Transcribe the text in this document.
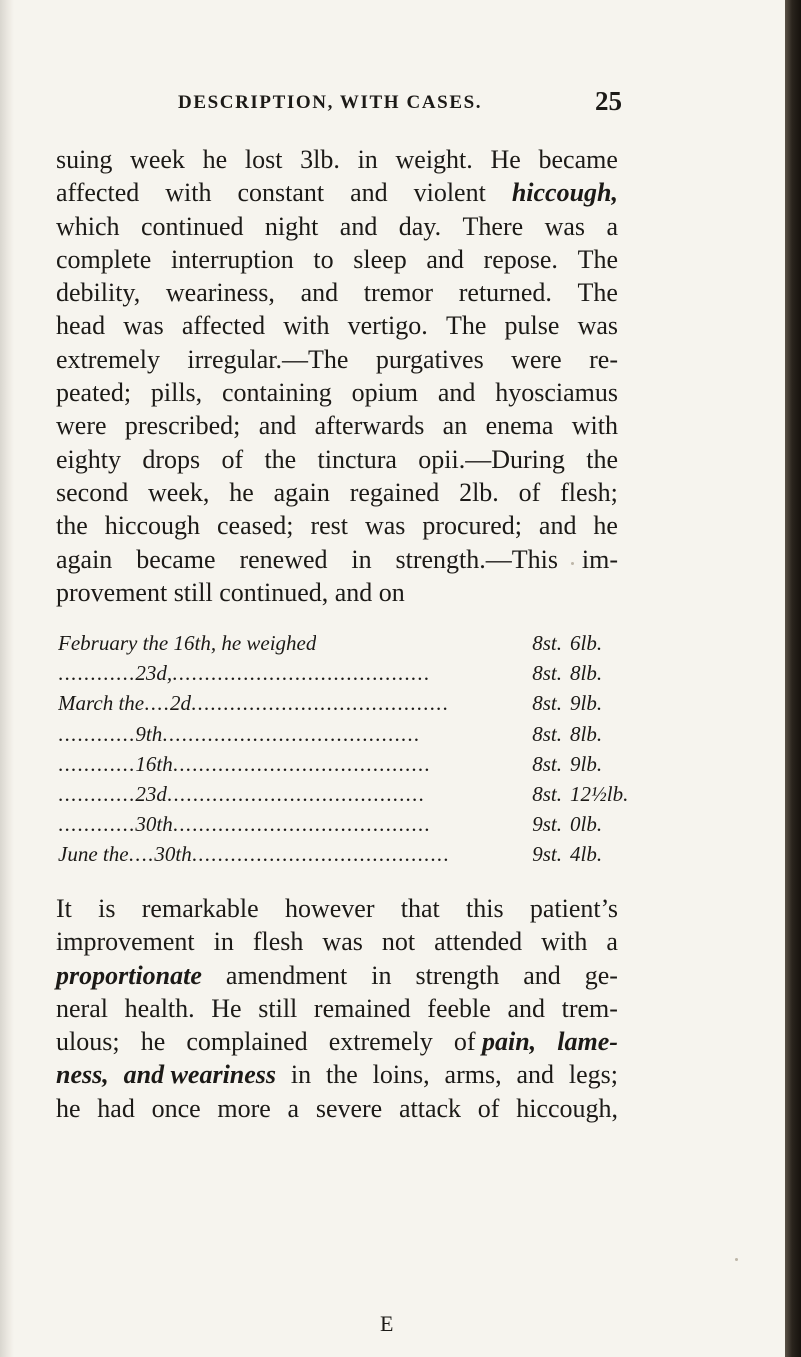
DESCRIPTION, WITH CASES.	25
suing week he lost 3lb. in weight. He became
affected with constant and violent hiccough,
which continued night and day. There was a
complete interruption to sleep and repose. The
debility, weariness, and tremor returned. The
head was affected with vertigo. The pulse was
extremely irregular.—The purgatives were re-
peated; pills, containing opium and hyosciamus
were prescribed; and afterwards an enema with
eighty drops of the tinctura opii.—During the
second week, he again regained 2lb. of flesh;
the hiccough ceased; rest was procured; and he
again became renewed in strength.—This im-
provement still continued, and on
February the 16th, he weighed	8st. 6lb.
............23d,........................................	8st. 8lb.
March the....2d........................................	8st. 9lb.
............9th........................................	8st. 8lb.
............16th........................................	8st. 9lb.
............23d........................................	8st. 12½lb.
............30th........................................	9st. 0lb.
June the....30th........................................	9st. 4lb.
It is remarkable however that this patient’s
improvement in flesh was not attended with a
proportionate amendment in strength and ge-
neral health. He still remained feeble and trem-
ulous; he complained extremely of pain, lame-
ness, and weariness in the loins, arms, and legs;
he had once more a severe attack of hiccough,
E
